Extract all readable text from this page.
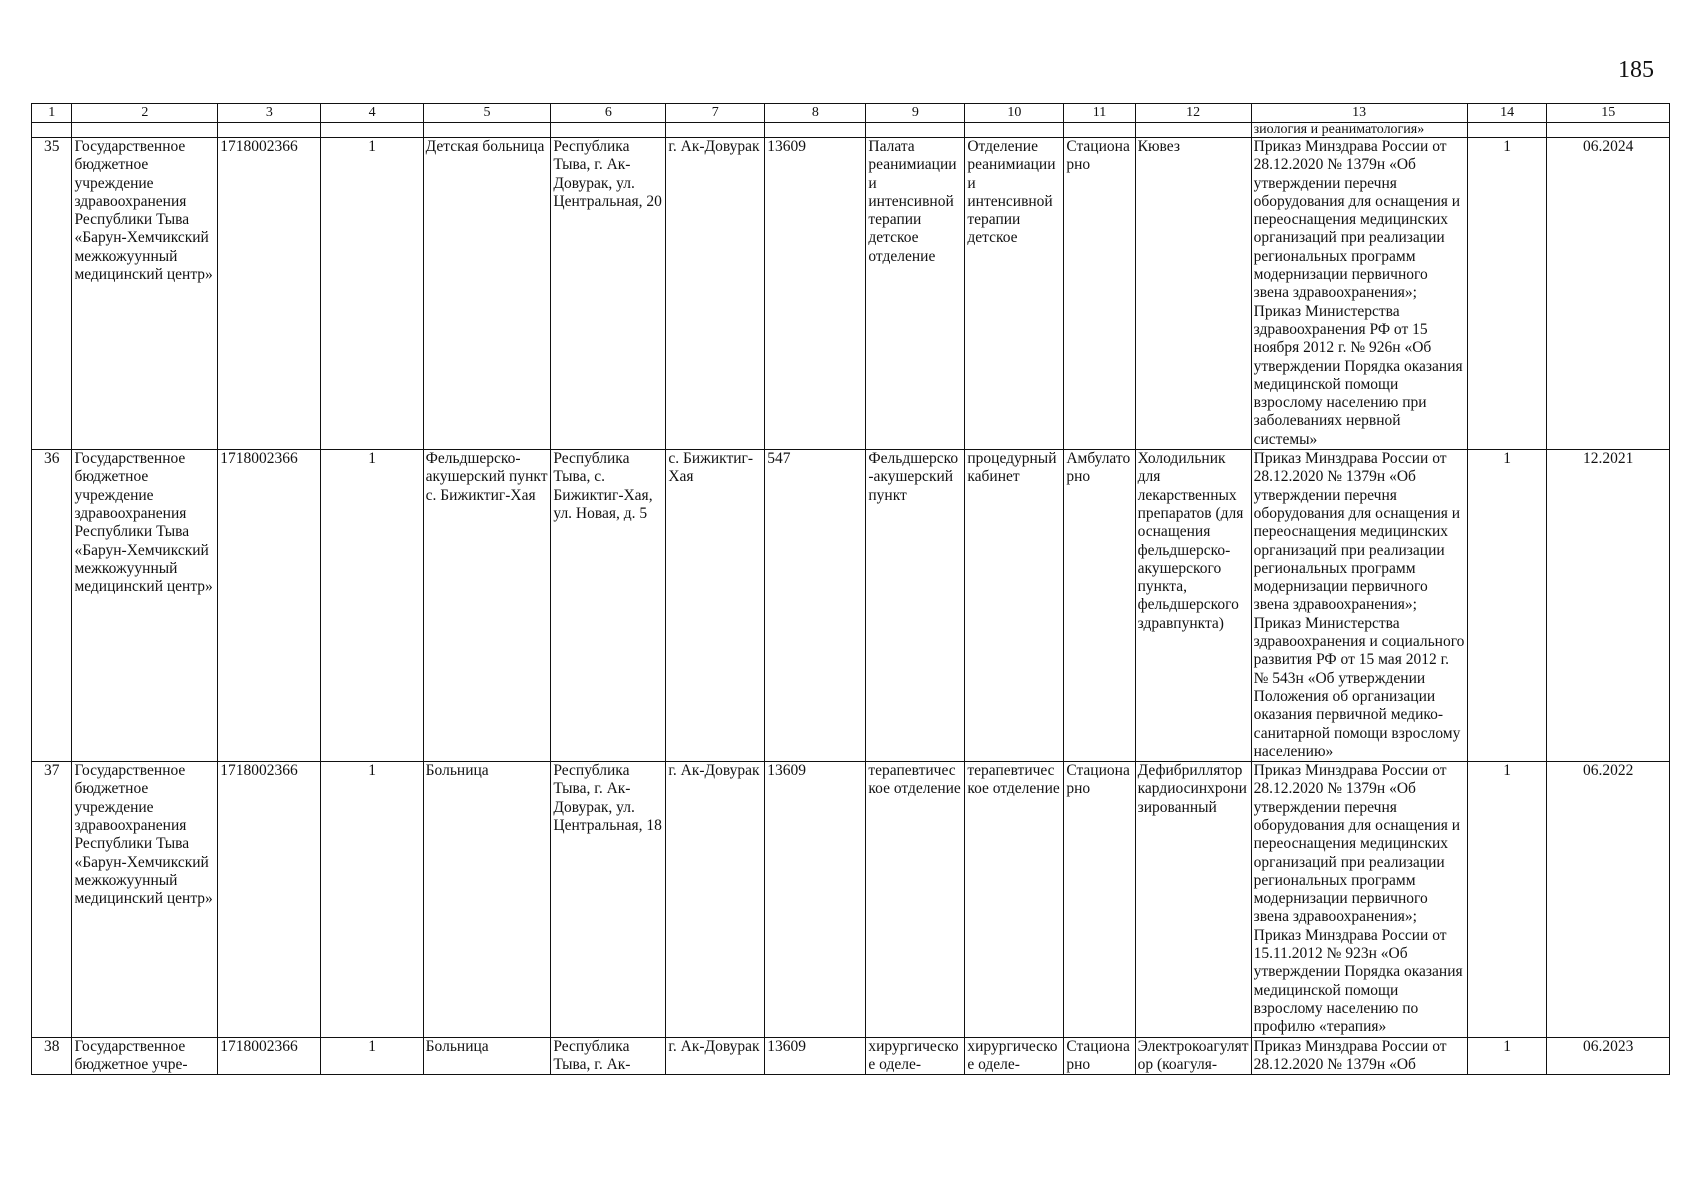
185
1	2	3	4	5	6	7	8	9	10	11	12	13	14	15
												зиология и реаниматология»		
35	Государственное бюджетное учреждение здравоохранения Республики Тыва «Барун-Хемчикский межкожуунный медицинский центр»	1718002366	1	Детская больница	Республика Тыва, г. Ак-Довурак, ул. Центральная, 20	г. Ак-Довурак	13609	Палата реанимиации и интенсивной терапии детское отделение	Отделение реанимиации и интенсивной терапии детское	Стационарно	Кювез	Приказ Минздрава России от 28.12.2020 № 1379н «Об утверждении перечня оборудования для оснащения и переоснащения медицинских организаций при реализации региональных программ модернизации первичного звена здравоохранения»; Приказ Министерства здравоохранения РФ от 15 ноября 2012 г. № 926н «Об утверждении Порядка оказания медицинской помощи взрослому населению при заболеваниях нервной системы»	1	06.2024
36	Государственное бюджетное учреждение здравоохранения Республики Тыва «Барун-Хемчикский межкожуунный медицинский центр»	1718002366	1	Фельдшерско-акушерский пункт с. Бижиктиг-Хая	Республика Тыва, с. Бижиктиг-Хая, ул. Новая, д. 5	с. Бижиктиг-Хая	547	Фельдшерско-акушерский пункт	процедурный кабинет	Амбулаторно	Холодильник для лекарственных препаратов (для оснащения фельдшерско-акушерского пункта, фельдшерского здравпункта)	Приказ Минздрава России от 28.12.2020 № 1379н «Об утверждении перечня оборудования для оснащения и переоснащения медицинских организаций при реализации региональных программ модернизации первичного звена здравоохранения»; Приказ Министерства здравоохранения и социального развития РФ от 15 мая 2012 г. № 543н «Об утверждении Положения об организации оказания первичной медико-санитарной помощи взрослому населению»	1	12.2021
37	Государственное бюджетное учреждение здравоохранения Республики Тыва «Барун-Хемчикский межкожуунный медицинский центр»	1718002366	1	Больница	Республика Тыва, г. Ак-Довурак, ул. Центральная, 18	г. Ак-Довурак	13609	терапевтическое отделение	терапевтическое отделение	Стационарно	Дефибриллятор кардиосинхронизированный	Приказ Минздрава России от 28.12.2020 № 1379н «Об утверждении перечня оборудования для оснащения и переоснащения медицинских организаций при реализации региональных программ модернизации первичного звена здравоохранения»; Приказ Минздрава России от 15.11.2012 № 923н «Об утверждении Порядка оказания медицинской помощи взрослому населению по профилю «терапия»	1	06.2022
38	Государственное бюджетное учре-	1718002366	1	Больница	Республика Тыва, г. Ак-	г. Ак-Довурак	13609	хирургическое оделе-	хирургическое оделе-	Стационарно	Электрокоагулятор (коагуля-	Приказ Минздрава России от 28.12.2020 № 1379н «Об	1	06.2023
